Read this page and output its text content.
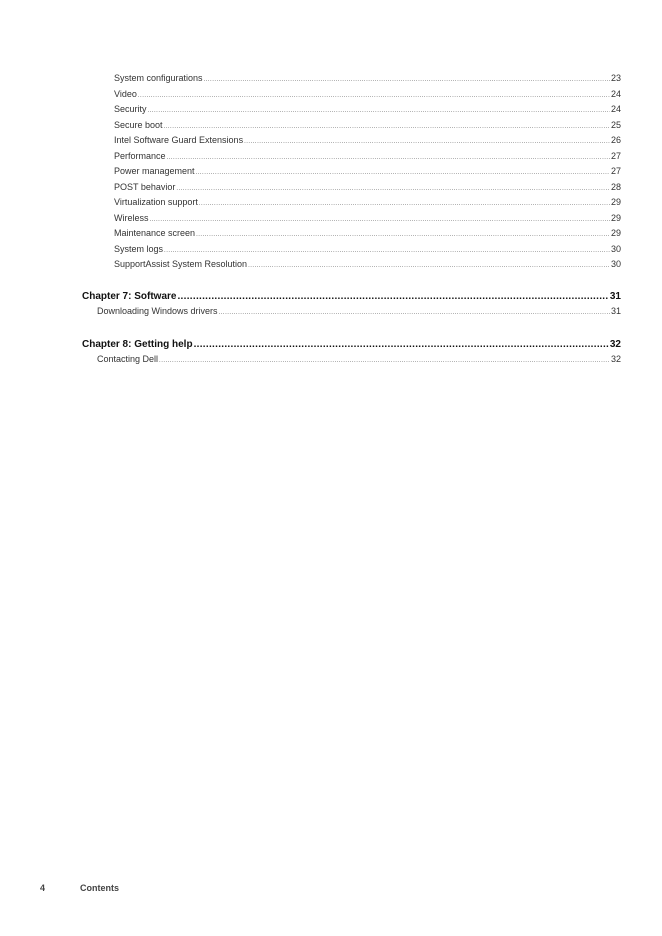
System configurations .....	23
Video .....	24
Security .....	24
Secure boot .....	25
Intel Software Guard Extensions .....	26
Performance .....	27
Power management .....	27
POST behavior .....	28
Virtualization support .....	29
Wireless .....	29
Maintenance screen .....	29
System logs .....	30
SupportAssist System Resolution .....	30
Chapter 7: Software .....	31
Downloading Windows drivers .....	31
Chapter 8: Getting help .....	32
Contacting Dell .....	32
4	Contents
